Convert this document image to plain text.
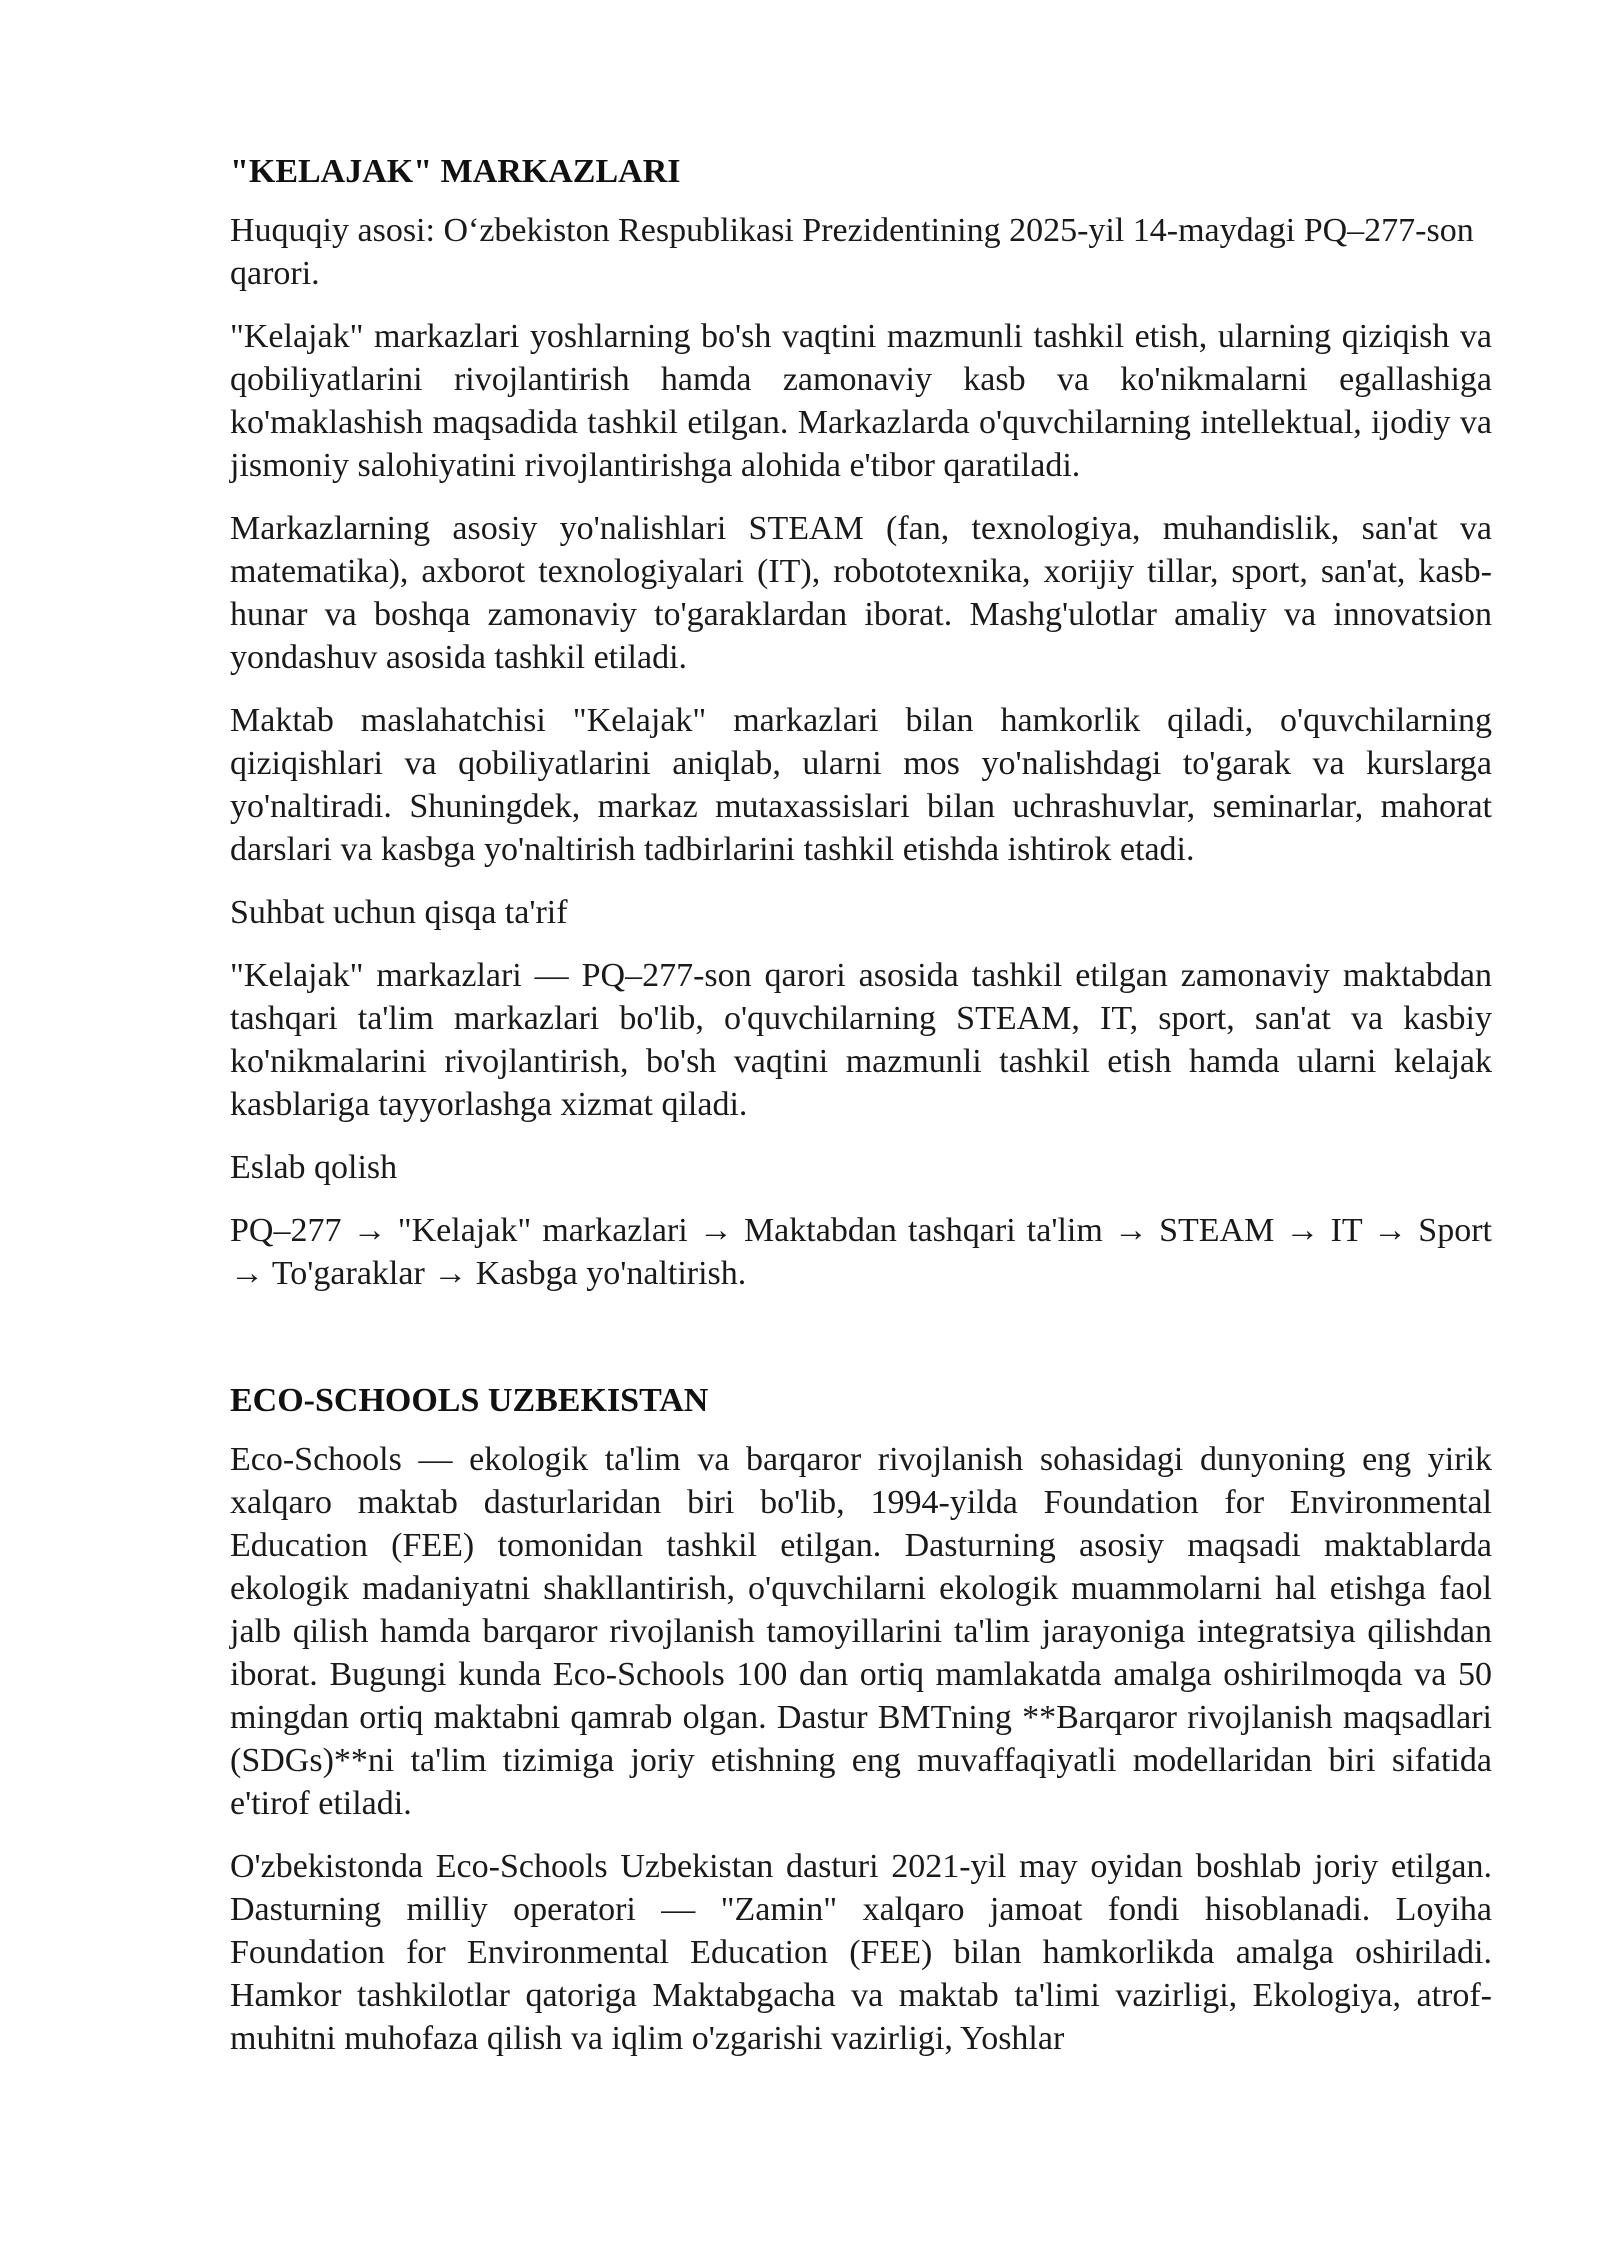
"KELAJAK" MARKAZLARI

Huquqiy asosi: O‘zbekiston Respublikasi Prezidentining 2025-yil 14-maydagi PQ–277-son qarori.

"Kelajak" markazlari yoshlarning bo'sh vaqtini mazmunli tashkil etish, ularning qiziqish va qobiliyatlarini rivojlantirish hamda zamonaviy kasb va ko'nikmalarni egallashiga ko'maklashish maqsadida tashkil etilgan. Markazlarda o'quvchilarning intellektual, ijodiy va jismoniy salohiyatini rivojlantirishga alohida e'tibor qaratiladi.

Markazlarning asosiy yo'nalishlari STEAM (fan, texnologiya, muhandislik, san'at va matematika), axborot texnologiyalari (IT), robototexnika, xorijiy tillar, sport, san'at, kasb-hunar va boshqa zamonaviy to'garaklardan iborat. Mashg'ulotlar amaliy va innovatsion yondashuv asosida tashkil etiladi.

Maktab maslahatchisi "Kelajak" markazlari bilan hamkorlik qiladi, o'quvchilarning qiziqishlari va qobiliyatlarini aniqlab, ularni mos yo'nalishdagi to'garak va kurslarga yo'naltiradi. Shuningdek, markaz mutaxassislari bilan uchrashuvlar, seminarlar, mahorat darslari va kasbga yo'naltirish tadbirlarini tashkil etishda ishtirok etadi.

Suhbat uchun qisqa ta'rif

"Kelajak" markazlari — PQ–277-son qarori asosida tashkil etilgan zamonaviy maktabdan tashqari ta'lim markazlari bo'lib, o'quvchilarning STEAM, IT, sport, san'at va kasbiy ko'nikmalarini rivojlantirish, bo'sh vaqtini mazmunli tashkil etish hamda ularni kelajak kasblariga tayyorlashga xizmat qiladi.

Eslab qolish

PQ–277 → "Kelajak" markazlari → Maktabdan tashqari ta'lim → STEAM → IT → Sport → To'garaklar → Kasbga yo'naltirish.

ECO-SCHOOLS UZBEKISTAN

Eco-Schools — ekologik ta'lim va barqaror rivojlanish sohasidagi dunyoning eng yirik xalqaro maktab dasturlaridan biri bo'lib, 1994-yilda Foundation for Environmental Education (FEE) tomonidan tashkil etilgan. Dasturning asosiy maqsadi maktablarda ekologik madaniyatni shakllantirish, o'quvchilarni ekologik muammolarni hal etishga faol jalb qilish hamda barqaror rivojlanish tamoyillarini ta'lim jarayoniga integratsiya qilishdan iborat. Bugungi kunda Eco-Schools 100 dan ortiq mamlakatda amalga oshirilmoqda va 50 mingdan ortiq maktabni qamrab olgan. Dastur BMTning **Barqaror rivojlanish maqsadlari (SDGs)**ni ta'lim tizimiga joriy etishning eng muvaffaqiyatli modellaridan biri sifatida e'tirof etiladi.

O'zbekistonda Eco-Schools Uzbekistan dasturi 2021-yil may oyidan boshlab joriy etilgan. Dasturning milliy operatori — "Zamin" xalqaro jamoat fondi hisoblanadi. Loyiha Foundation for Environmental Education (FEE) bilan hamkorlikda amalga oshiriladi. Hamkor tashkilotlar qatoriga Maktabgacha va maktab ta'limi vazirligi, Ekologiya, atrof-muhitni muhofaza qilish va iqlim o'zgarishi vazirligi, Yoshlar
